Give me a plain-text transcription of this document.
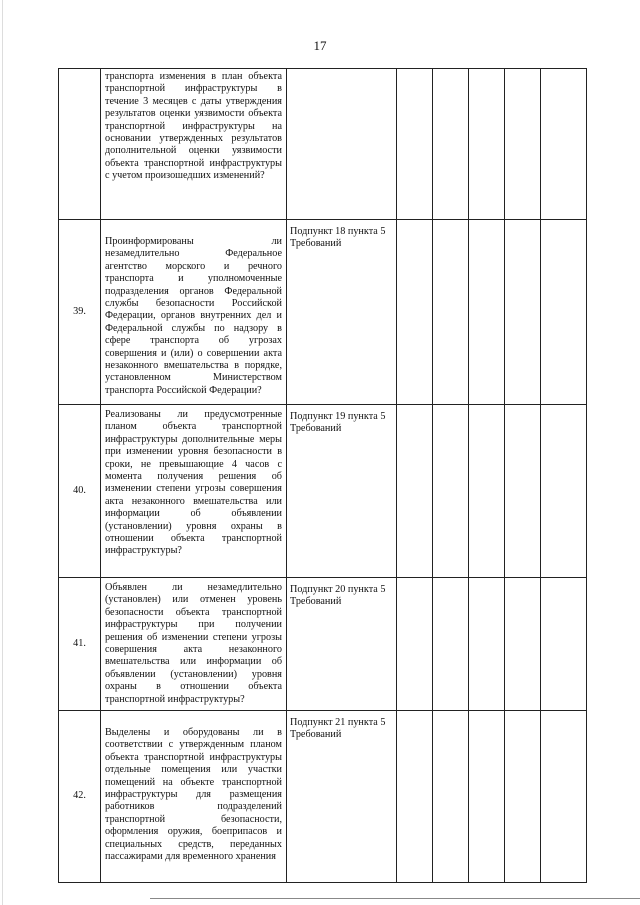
17

	транспорта изменения в план объекта транспортной инфраструктуры в течение 3 месяцев с даты утверждения результатов оценки уязвимости объекта транспортной инфраструктуры на основании утвержденных результатов дополнительной оценки уязвимости объекта транспортной инфраструктуры с учетом произошедших изменений?						

39.	Проинформированы ли незамедлительно Федеральное агентство морского и речного транспорта и уполномоченные подразделения органов Федеральной службы безопасности Российской Федерации, органов внутренних дел и Федеральной службы по надзору в сфере транспорта об угрозах совершения и (или) о совершении акта незаконного вмешательства в порядке, установленном Министерством транспорта Российской Федерации?	Подпункт 18 пункта 5 Требований					

40.	Реализованы ли предусмотренные планом объекта транспортной инфраструктуры дополнительные меры при изменении уровня безопасности в сроки, не превышающие 4 часов с момента получения решения об изменении степени угрозы совершения акта незаконного вмешательства или информации об объявлении (установлении) уровня охраны в отношении объекта транспортной инфраструктуры?	Подпункт 19 пункта 5 Требований					

41.	Объявлен ли незамедлительно (установлен) или отменен уровень безопасности объекта транспортной инфраструктуры при получении решения об изменении степени угрозы совершения акта незаконного вмешательства или информации об объявлении (установлении) уровня охраны в отношении объекта транспортной инфраструктуры?	Подпункт 20 пункта 5 Требований					

42.	Выделены и оборудованы ли в соответствии с утвержденным планом объекта транспортной инфраструктуры отдельные помещения или участки помещений на объекте транспортной инфраструктуры для размещения работников подразделений транспортной безопасности, оформления оружия, боеприпасов и специальных средств, переданных пассажирами для временного хранения	Подпункт 21 пункта 5 Требований					
